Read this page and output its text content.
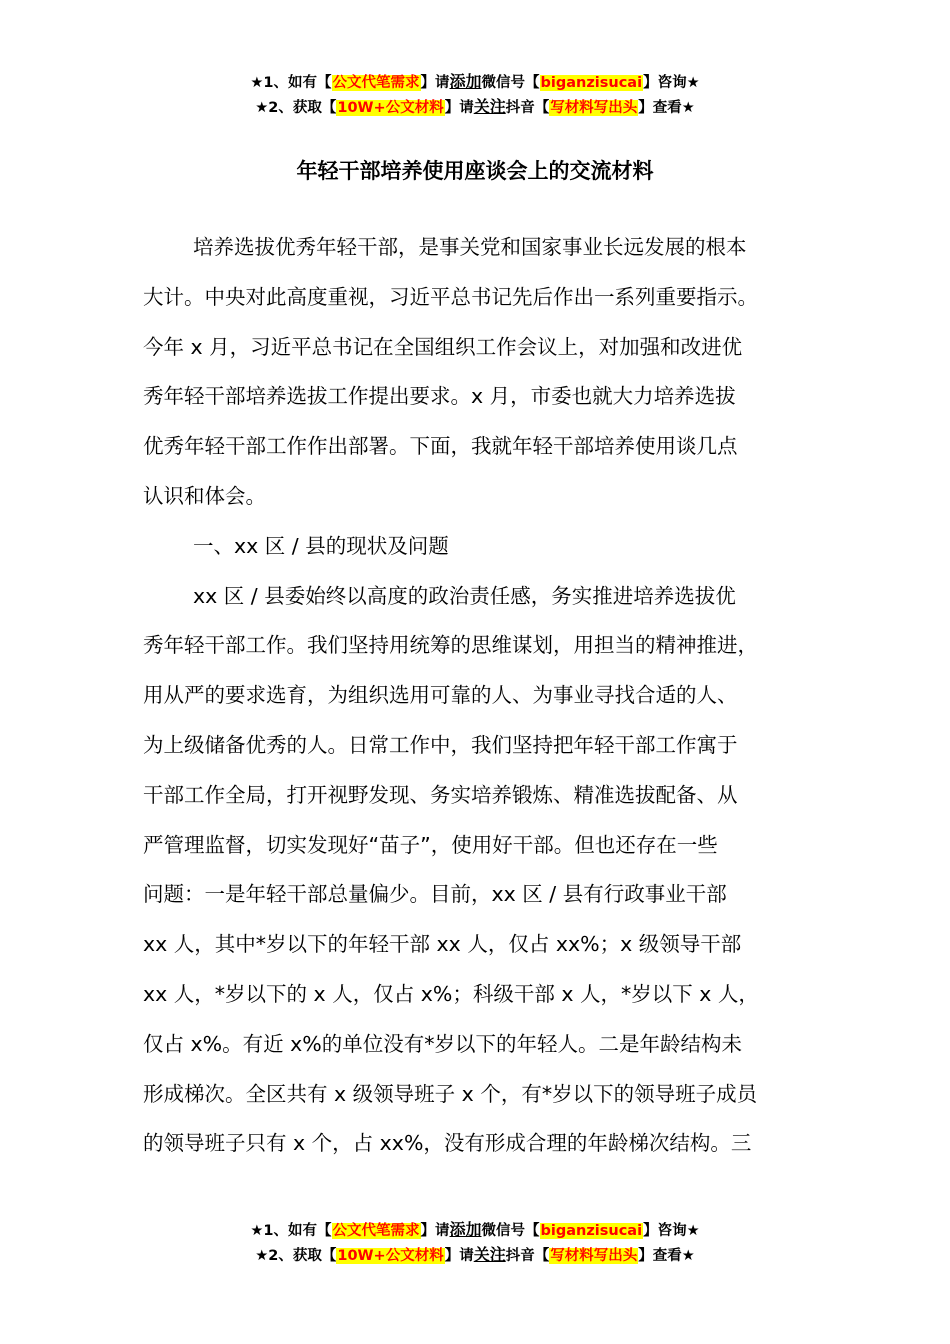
★1、如有【公文代笔需求】请添加微信号【biganzisucai】咨询★
★2、获取【10W+公文材料】请关注抖音【写材料写出头】查看★
年轻干部培养使用座谈会上的交流材料
培养选拔优秀年轻干部，是事关党和国家事业长远发展的根本
大计。中央对此高度重视，习近平总书记先后作出一系列重要指示。
今年 x 月，习近平总书记在全国组织工作会议上，对加强和改进优
秀年轻干部培养选拔工作提出要求。x 月，市委也就大力培养选拔
优秀年轻干部工作作出部署。下面，我就年轻干部培养使用谈几点
认识和体会。
一、xx 区 / 县的现状及问题
xx 区 / 县委始终以高度的政治责任感，务实推进培养选拔优
秀年轻干部工作。我们坚持用统筹的思维谋划，用担当的精神推进，
用从严的要求选育，为组织选用可靠的人、为事业寻找合适的人、
为上级储备优秀的人。日常工作中，我们坚持把年轻干部工作寓于
干部工作全局，打开视野发现、务实培养锻炼、精准选拔配备、从
严管理监督，切实发现好“苗子”，使用好干部。但也还存在一些
问题：一是年轻干部总量偏少。目前，xx 区 / 县有行政事业干部
xx 人，其中*岁以下的年轻干部 xx 人，仅占 xx%；x 级领导干部
xx 人，*岁以下的 x 人，仅占 x%；科级干部 x 人，*岁以下 x 人，
仅占 x%。有近 x%的单位没有*岁以下的年轻人。二是年龄结构未
形成梯次。全区共有 x 级领导班子 x 个，有*岁以下的领导班子成员
的领导班子只有 x 个，占 xx%，没有形成合理的年龄梯次结构。三
★1、如有【公文代笔需求】请添加微信号【biganzisucai】咨询★
★2、获取【10W+公文材料】请关注抖音【写材料写出头】查看★
